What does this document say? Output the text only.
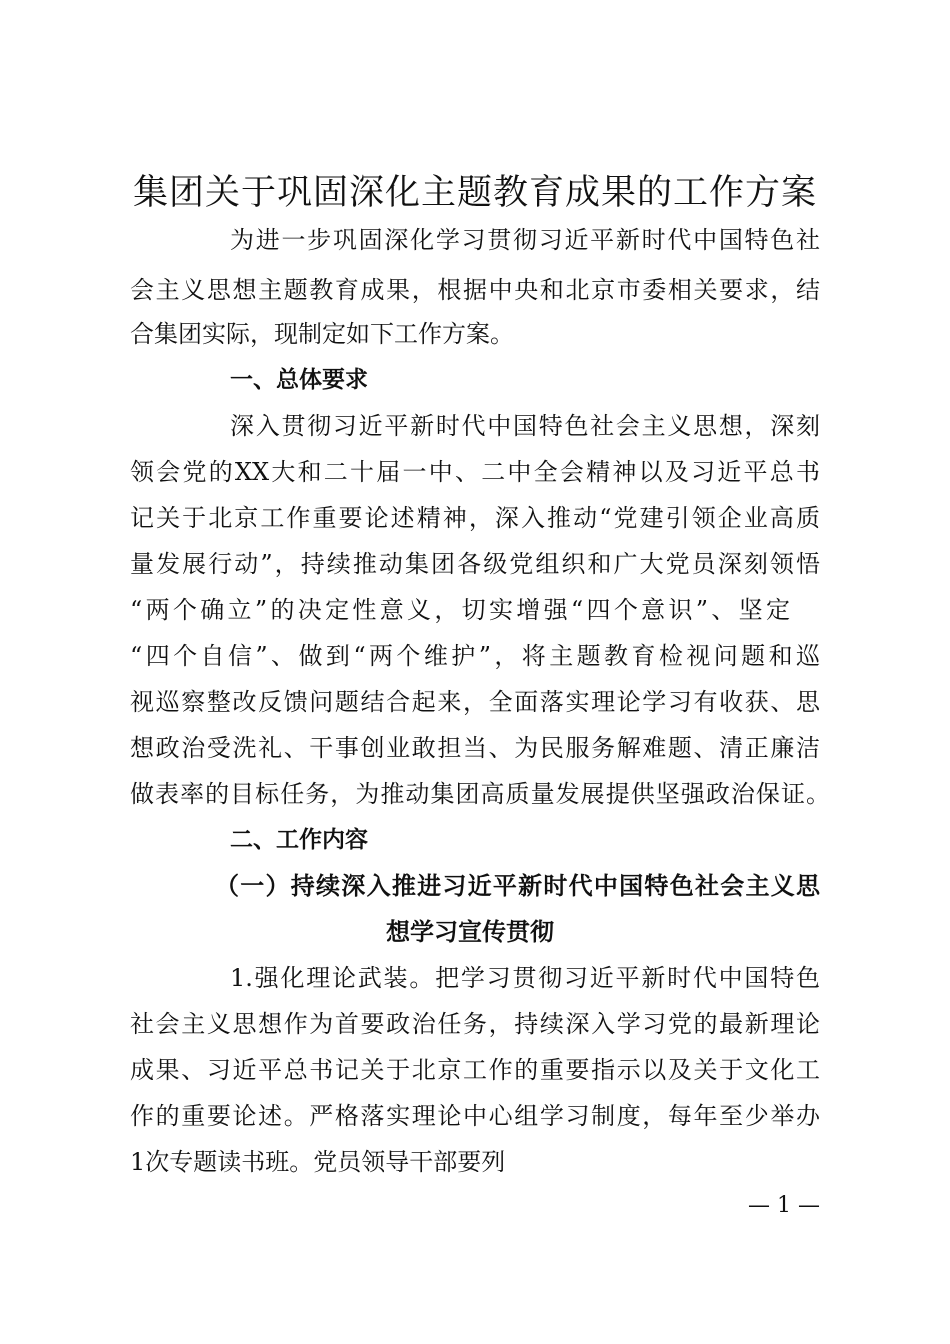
集团关于巩固深化主题教育成果的工作方案

为进一步巩固深化学习贯彻习近平新时代中国特色社

会主义思想主题教育成果，根据中央和北京市委相关要求，结

合集团实际，现制定如下工作方案。

一、总体要求

深入贯彻习近平新时代中国特色社会主义思想，深刻

领会党的XX大和二十届一中、二中全会精神以及习近平总书

记关于北京工作重要论述精神，深入推动“党建引领企业高质

量发展行动”，持续推动集团各级党组织和广大党员深刻领悟

“两个确立”的决定性意义，切实增强“四个意识”、坚定

“四个自信”、做到“两个维护”，将主题教育检视问题和巡

视巡察整改反馈问题结合起来，全面落实理论学习有收获、思

想政治受洗礼、干事创业敢担当、为民服务解难题、清正廉洁

做表率的目标任务，为推动集团高质量发展提供坚强政治保证。

二、工作内容

（一）持续深入推进习近平新时代中国特色社会主义思

想学习宣传贯彻

1.强化理论武装。把学习贯彻习近平新时代中国特色

社会主义思想作为首要政治任务，持续深入学习党的最新理论

成果、习近平总书记关于北京工作的重要指示以及关于文化工

作的重要论述。严格落实理论中心组学习制度，每年至少举办

1次专题读书班。党员领导干部要列

— 1 —
